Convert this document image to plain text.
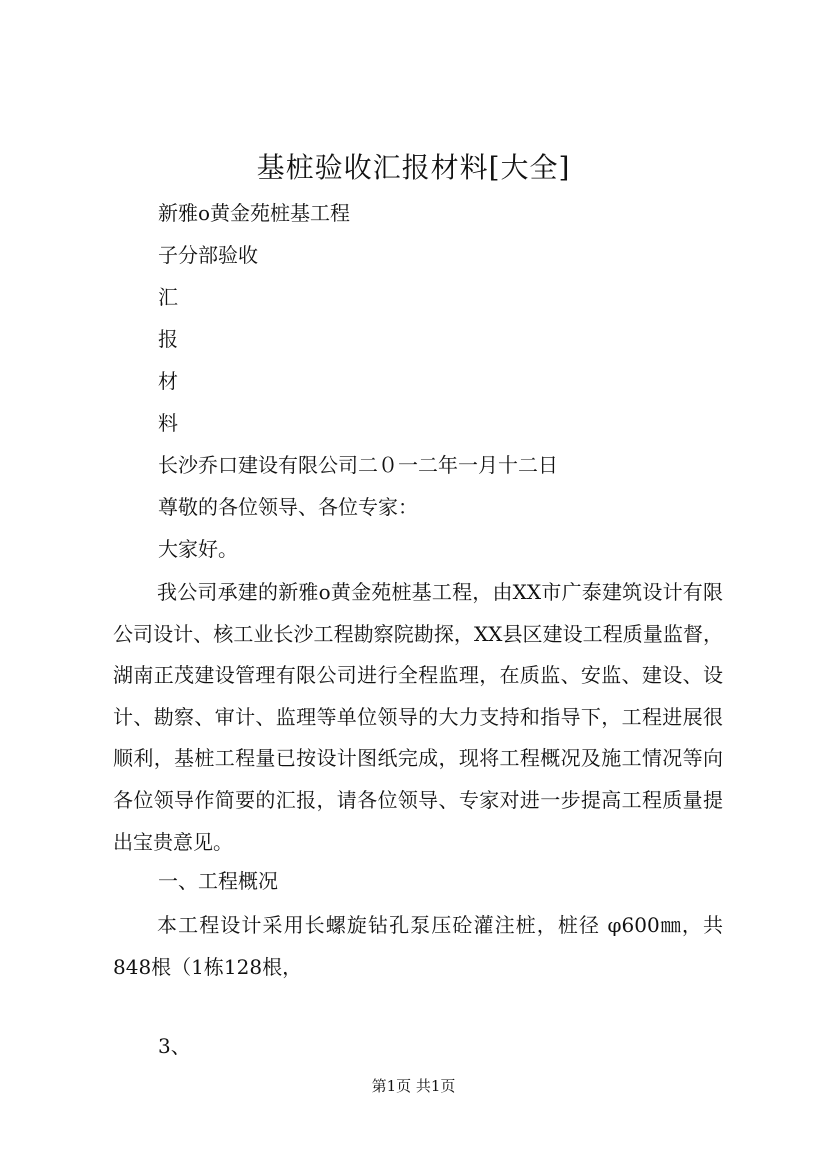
基桩验收汇报材料[大全]
新雅ο黄金苑桩基工程
子分部验收
汇
报
材
料
长沙乔口建设有限公司二０一二年一月十二日
尊敬的各位领导、各位专家：
大家好。
我公司承建的新雅ο黄金苑桩基工程，由XX市广泰建筑设计有限公司设计、核工业长沙工程勘察院勘探，XX县区建设工程质量监督，湖南正茂建设管理有限公司进行全程监理，在质监、安监、建设、设计、勘察、审计、监理等单位领导的大力支持和指导下，工程进展很顺利，基桩工程量已按设计图纸完成，现将工程概况及施工情况等向各位领导作简要的汇报，请各位领导、专家对进一步提高工程质量提出宝贵意见。
一、工程概况
本工程设计采用长螺旋钻孔泵压砼灌注桩，桩径 φ600㎜，共848根（1栋128根，
3、
第1页 共1页
